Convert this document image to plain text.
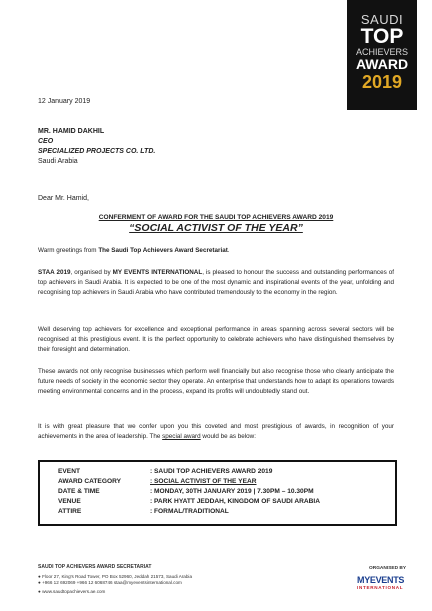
SAUDI
TOP
ACHIEVERS
AWARD
2019
12 January 2019
MR. HAMID DAKHIL
CEO
SPECIALIZED PROJECTS CO. LTD.
Saudi Arabia
Dear Mr. Hamid,
CONFERMENT OF AWARD FOR THE SAUDI TOP ACHIEVERS AWARD 2019
“SOCIAL ACTIVIST OF THE YEAR”
Warm greetings from The Saudi Top Achievers Award Secretariat.
STAA 2019, organised by MY EVENTS INTERNATIONAL, is pleased to honour the success and outstanding performances of top achievers in Saudi Arabia. It is expected to be one of the most dynamic and inspirational events of the year, unfolding and recognising top achievers in Saudi Arabia who have contributed tremendously to the economy in the region.
Well deserving top achievers for excellence and exceptional performance in areas spanning across several sectors will be recognised at this prestigious event. It is the perfect opportunity to celebrate achievers who have distinguished themselves by their foresight and determination.
These awards not only recognise businesses which perform well financially but also recognise those who clearly anticipate the future needs of society in the economic sector they operate. An enterprise that understands how to adapt its operations towards meeting environmental concerns and in the process, expand its profits will undoubtedly stand out.
It is with great pleasure that we confer upon you this coveted and most prestigious of awards, in recognition of your achievements in the area of leadership. The special award would be as below:
EVENT	: SAUDI TOP ACHIEVERS AWARD 2019
AWARD CATEGORY	: SOCIAL ACTIVIST OF THE YEAR
DATE & TIME	: MONDAY, 30TH JANUARY 2019 | 7.30PM – 10.30PM
VENUE	: PARK HYATT JEDDAH, KINGDOM OF SAUDI ARABIA
ATTIRE	: FORMAL/TRADITIONAL
SAUDI TOP ACHIEVERS AWARD SECRETARIAT
● Floor 27, King's Road Tower, PO Box 52960, Jeddah 21573, Saudi Arabia
● +966 12 692069 +966 12 6068746 staa@myeventsinternational.com
● www.saudtopachievers.ae.com
ORGANISED BY
MYEVENTS
INTERNATIONAL
